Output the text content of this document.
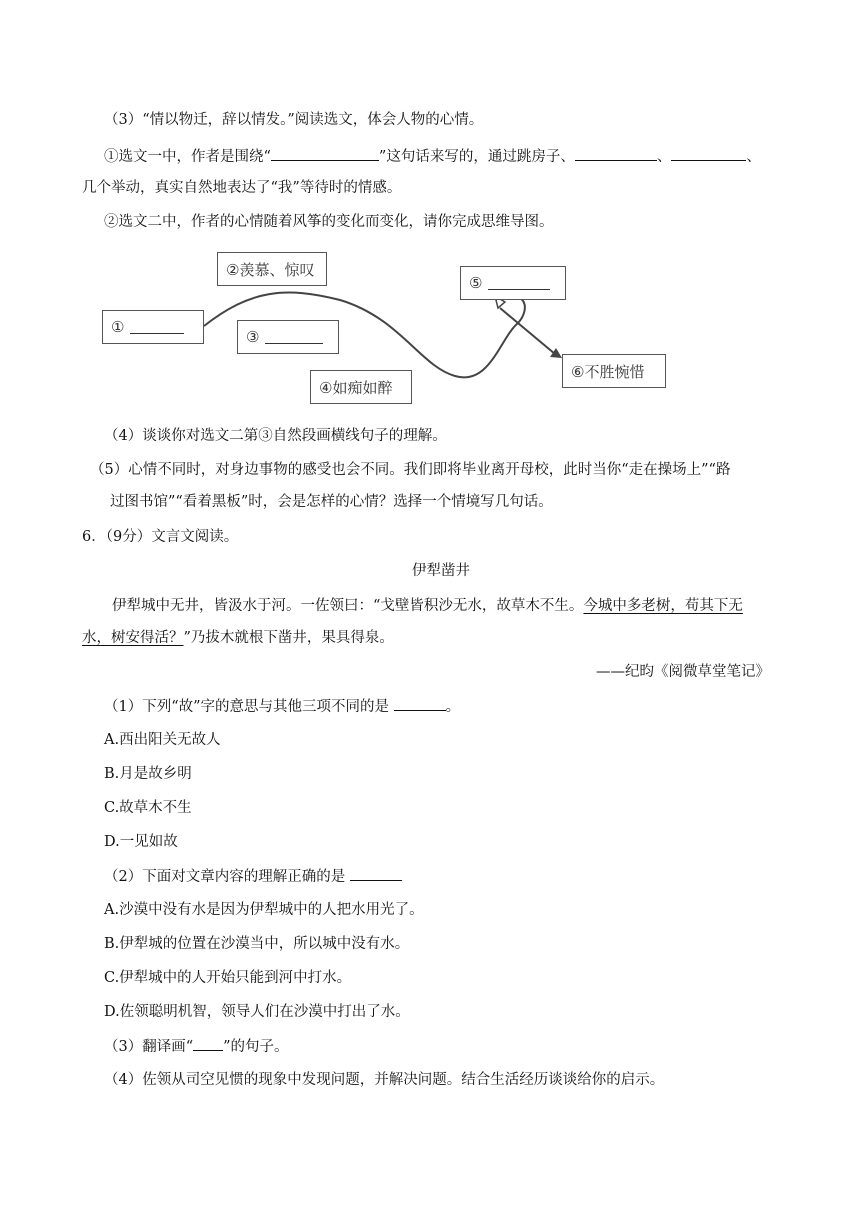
（3）“情以物迁，辞以情发。”阅读选文，体会人物的心情。
①选文一中，作者是围绕“	”这句话来写的，通过跳房子、	、	、
几个举动，真实自然地表达了“我”等待时的情感。
②选文二中，作者的心情随着风筝的变化而变化，请你完成思维导图。
①
②羡慕、惊叹
③
④如痴如醉
⑤
⑥不胜惋惜
（4）谈谈你对选文二第③自然段画横线句子的理解。
（5）心情不同时，对身边事物的感受也会不同。我们即将毕业离开母校，此时当你“走在操场上”“路
过图书馆”“看着黑板”时，会是怎样的心情？选择一个情境写几句话。
6．（9分）文言文阅读。
伊犁凿井
伊犁城中无井，皆汲水于河。一佐领曰：“戈壁皆积沙无水，故草木不生。今城中多老树，苟其下无
水，树安得活？”乃拔木就根下凿井，果具得泉。
——纪昀《阅微草堂笔记》
（1）下列“故”字的意思与其他三项不同的是	。
A.西出阳关无故人
B.月是故乡明
C.故草木不生
D.一见如故
（2）下面对文章内容的理解正确的是
A.沙漠中没有水是因为伊犁城中的人把水用光了。
B.伊犁城的位置在沙漠当中，所以城中没有水。
C.伊犁城中的人开始只能到河中打水。
D.佐领聪明机智，领导人们在沙漠中打出了水。
（3）翻译画“ ”的句子。
（4）佐领从司空见惯的现象中发现问题，并解决问题。结合生活经历谈谈给你的启示。
